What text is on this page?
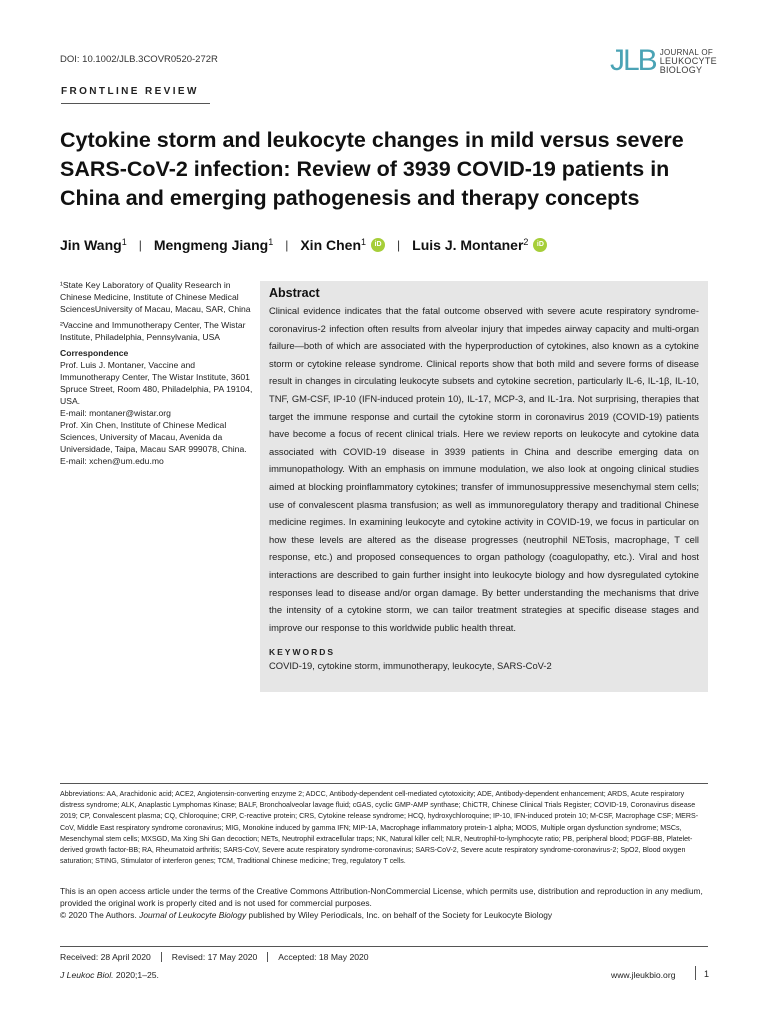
DOI: 10.1002/JLB.3COVR0520-272R	JLB JOURNAL OF
LEUKOCYTE
BIOLOGY
FRONTLINE REVIEW
Cytokine storm and leukocyte changes in mild versus severe SARS-CoV-2 infection: Review of 3939 COVID-19 patients in China and emerging pathogenesis and therapy concepts
Jin Wang$^1$ | Mengmeng Jiang$^1$ | Xin Chen$^1$	iD | Luis J. Montaner$^2$	iD

¹State Key Laboratory of Quality Research in Chinese Medicine, Institute of Chinese Medical SciencesUniversity of Macau, Macau, SAR, China

²Vaccine and Immunotherapy Center, The Wistar Institute, Philadelphia, Pennsylvania, USA

Correspondence

Prof. Luis J. Montaner, Vaccine and Immunotherapy Center, The Wistar Institute, 3601 Spruce Street, Room 480, Philadelphia, PA 19104, USA.

E-mail: montaner@wistar.org

Prof. Xin Chen, Institute of Chinese Medical Sciences, University of Macau, Avenida da Universidade, Taipa, Macau SAR 999078, China.

E-mail: xchen@um.edu.mo

Abstract

Clinical evidence indicates that the fatal outcome observed with severe acute respiratory syndrome-coronavirus-2 infection often results from alveolar injury that impedes airway capacity and multi-organ failure—both of which are associated with the hyperproduction of cytokines, also known as a cytokine storm or cytokine release syndrome. Clinical reports show that both mild and severe forms of disease result in changes in circulating leukocyte subsets and cytokine secretion, particularly IL-6, IL-1β, IL-10, TNF, GM-CSF, IP-10 (IFN-induced protein 10), IL-17, MCP-3, and IL-1ra. Not surprising, therapies that target the immune response and curtail the cytokine storm in coronavirus 2019 (COVID-19) patients have become a focus of recent clinical trials. Here we review reports on leukocyte and cytokine data associated with COVID-19 disease in 3939 patients in China and describe emerging data on immunopathology. With an emphasis on immune modulation, we also look at ongoing clinical studies aimed at blocking proinflammatory cytokines; transfer of immunosuppressive mesenchymal stem cells; use of convalescent plasma transfusion; as well as immunoregulatory therapy and traditional Chinese medicine regimes. In examining leukocyte and cytokine activity in COVID-19, we focus in particular on how these levels are altered as the disease progresses (neutrophil NETosis, macrophage, T cell response, etc.) and proposed consequences to organ pathology (coagulopathy, etc.). Viral and host interactions are described to gain further insight into leukocyte biology and how dysregulated cytokine responses lead to disease and/or organ damage. By better understanding the mechanisms that drive the intensity of a cytokine storm, we can tailor treatment strategies at specific disease stages and improve our response to this worldwide public health threat.

KEYWORDS
COVID-19, cytokine storm, immunotherapy, leukocyte, SARS-CoV-2

Abbreviations: AA, Arachidonic acid; ACE2, Angiotensin-converting enzyme 2; ADCC, Antibody-dependent cell-mediated cytotoxicity; ADE, Antibody-dependent enhancement; ARDS, Acute respiratory distress syndrome; ALK, Anaplastic Lymphomas Kinase; BALF, Bronchoalveolar lavage fluid; cGAS, cyclic GMP-AMP synthase; ChiCTR, Chinese Clinical Trials Register; COVID-19, Coronavirus disease 2019; CP, Convalescent plasma; CQ, Chloroquine; CRP, C-reactive protein; CRS, Cytokine release syndrome; HCQ, hydroxychloroquine; IP-10, IFN-induced protein 10; M-CSF, Macrophage CSF; MERS-CoV, Middle East respiratory syndrome coronavirus; MIG, Monokine induced by gamma IFN; MIP-1A, Macrophage inflammatory protein-1 alpha; MODS, Multiple organ dysfunction syndrome; MSCs, Mesenchymal stem cells; MXSGD, Ma Xing Shi Gan decoction; NETs, Neutrophil extracellular traps; NK, Natural killer cell; NLR, Neutrophil-to-lymphocyte ratio; PB, peripheral blood; PDGF-BB, Platelet-derived growth factor-BB; RA, Rheumatoid arthritis; SARS-CoV, Severe acute respiratory syndrome-coronavirus; SARS-CoV-2, Severe acute respiratory syndrome-coronavirus-2; SpO2, Blood oxygen saturation; STING, Stimulator of interferon genes; TCM, Traditional Chinese medicine; Treg, regulatory T cells.

This is an open access article under the terms of the Creative Commons Attribution-NonCommercial License, which permits use, distribution and reproduction in any medium, provided the original work is properly cited and is not used for commercial purposes.

© 2020 The Authors. Journal of Leukocyte Biology published by Wiley Periodicals, Inc. on behalf of the Society for Leukocyte Biology

Received: 28 April 2020	Revised: 17 May 2020	Accepted: 18 May 2020
J Leukoc Biol. 2020;1–25.	www.jleukbio.org	1
